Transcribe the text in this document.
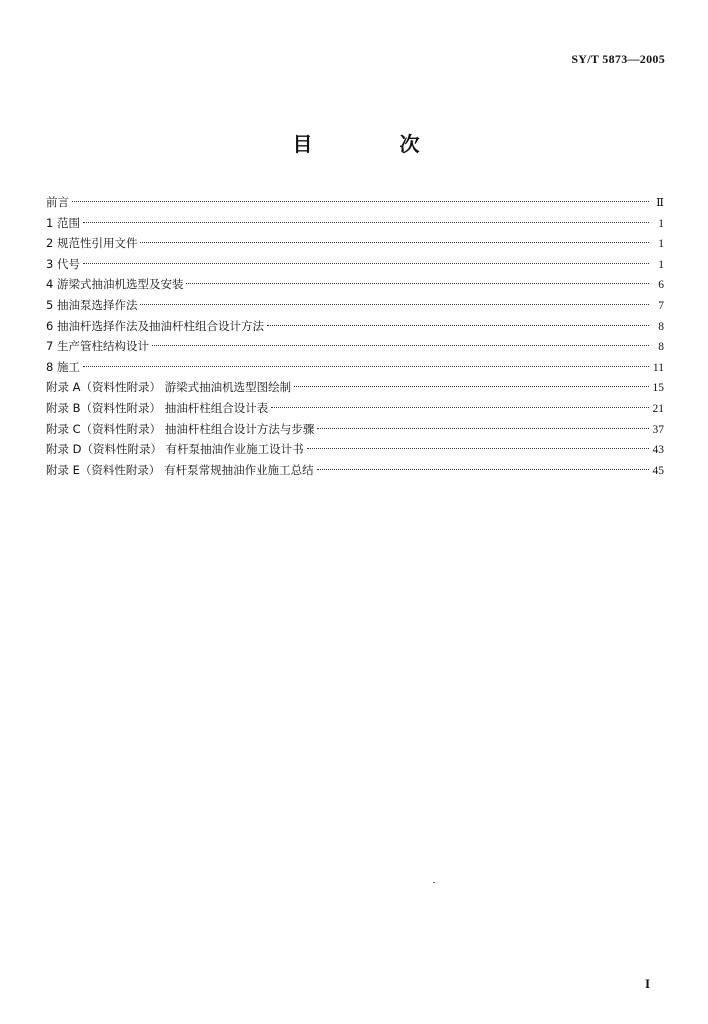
SY/T 5873—2005
目 次
前言	Ⅱ
1 范围	1
2 规范性引用文件	1
3 代号	1
4 游梁式抽油机选型及安装	6
5 抽油泵选择作法	7
6 抽油杆选择作法及抽油杆柱组合设计方法	8
7 生产管柱结构设计	8
8 施工	11
附录 A（资料性附录） 游梁式抽油机选型图绘制	15
附录 B（资料性附录） 抽油杆柱组合设计表	21
附录 C（资料性附录） 抽油杆柱组合设计方法与步骤	37
附录 D（资料性附录） 有杆泵抽油作业施工设计书	43
附录 E（资料性附录） 有杆泵常规抽油作业施工总结	45
I
